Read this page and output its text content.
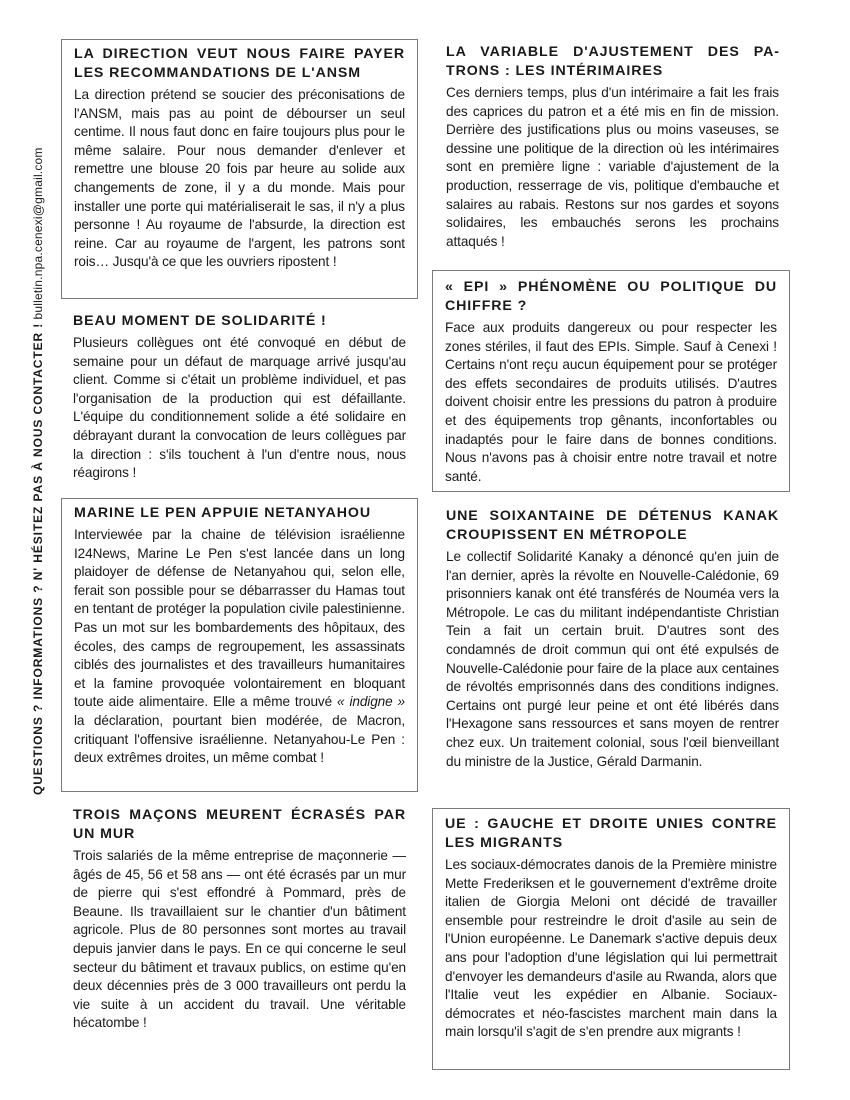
QUESTIONS ? INFORMATIONS ? N' HÉSITEZ PAS À NOUS CONTACTER ! bulletin.npa.cenexi@gmail.com
LA DIRECTION VEUT NOUS FAIRE PAYER LES RECOMMANDATIONS DE L'ANSM

La direction prétend se soucier des préconisations de l'ANSM, mais pas au point de débourser un seul centime. Il nous faut donc en faire toujours plus pour le même salaire. Pour nous demander d'enlever et remettre une blouse 20 fois par heure au solide aux changements de zone, il y a du monde. Mais pour installer une porte qui matérialiserait le sas, il n'y a plus personne ! Au royaume de l'absurde, la direction est reine. Car au royaume de l'argent, les patrons sont rois… Jusqu'à ce que les ouvriers ripostent !

BEAU MOMENT DE SOLIDARITÉ !

Plusieurs collègues ont été convoqué en début de semaine pour un défaut de marquage arrivé jusqu'au client. Comme si c'était un problème individuel, et pas l'organisation de la production qui est défaillante. L'équipe du conditionnement solide a été solidaire en débrayant durant la convocation de leurs collègues par la direction : s'ils touchent à l'un d'entre nous, nous réagirons !

MARINE LE PEN APPUIE NETANYAHOU

Interviewée par la chaine de télévision israélienne I24News, Marine Le Pen s'est lancée dans un long plaidoyer de défense de Netanyahou qui, selon elle, ferait son possible pour se débarrasser du Hamas tout en tentant de protéger la population civile palestinienne. Pas un mot sur les bombardements des hôpitaux, des écoles, des camps de regroupement, les assassinats ciblés des journalistes et des travailleurs humanitaires et la famine provoquée volontairement en bloquant toute aide alimentaire. Elle a même trouvé « indigne » la déclaration, pourtant bien modérée, de Macron, critiquant l'offensive israélienne. Netanyahou-Le Pen : deux extrêmes droites, un même combat !

TROIS MAÇONS MEURENT ÉCRASÉS PAR UN MUR

Trois salariés de la même entreprise de maçonnerie — âgés de 45, 56 et 58 ans — ont été écrasés par un mur de pierre qui s'est effondré à Pommard, près de Beaune. Ils travaillaient sur le chantier d'un bâtiment agricole. Plus de 80 personnes sont mortes au travail depuis janvier dans le pays. En ce qui concerne le seul secteur du bâtiment et travaux publics, on estime qu'en deux décennies près de 3 000 travailleurs ont perdu la vie suite à un accident du travail. Une véritable hécatombe !

LA VARIABLE D'AJUSTEMENT DES PATRONS : LES INTÉRIMAIRES

Ces derniers temps, plus d'un intérimaire a fait les frais des caprices du patron et a été mis en fin de mission. Derrière des justifications plus ou moins vaseuses, se dessine une politique de la direction où les intérimaires sont en première ligne : variable d'ajustement de la production, resserrage de vis, politique d'embauche et salaires au rabais. Restons sur nos gardes et soyons solidaires, les embauchés serons les prochains attaqués !

« EPI » PHÉNOMÈNE OU POLITIQUE DU CHIFFRE ?

Face aux produits dangereux ou pour respecter les zones stériles, il faut des EPIs. Simple. Sauf à Cenexi ! Certains n'ont reçu aucun équipement pour se protéger des effets secondaires de produits utilisés. D'autres doivent choisir entre les pressions du patron à produire et des équipements trop gênants, inconfortables ou inadaptés pour le faire dans de bonnes conditions. Nous n'avons pas à choisir entre notre travail et notre santé.

UNE SOIXANTAINE DE DÉTENUS KANAK CROUPISSENT EN MÉTROPOLE

Le collectif Solidarité Kanaky a dénoncé qu'en juin de l'an dernier, après la révolte en Nouvelle-Calédonie, 69 prisonniers kanak ont été transférés de Nouméa vers la Métropole. Le cas du militant indépendantiste Christian Tein a fait un certain bruit. D'autres sont des condamnés de droit commun qui ont été expulsés de Nouvelle-Calédonie pour faire de la place aux centaines de révoltés emprisonnés dans des conditions indignes. Certains ont purgé leur peine et ont été libérés dans l'Hexagone sans ressources et sans moyen de rentrer chez eux. Un traitement colonial, sous l'œil bienveillant du ministre de la Justice, Gérald Darmanin.

UE : GAUCHE ET DROITE UNIES CONTRE LES MIGRANTS

Les sociaux-démocrates danois de la Première ministre Mette Frederiksen et le gouvernement d'extrême droite italien de Giorgia Meloni ont décidé de travailler ensemble pour restreindre le droit d'asile au sein de l'Union européenne. Le Danemark s'active depuis deux ans pour l'adoption d'une législation qui lui permettrait d'envoyer les demandeurs d'asile au Rwanda, alors que l'Italie veut les expédier en Albanie. Sociaux-démocrates et néo-fascistes marchent main dans la main lorsqu'il s'agit de s'en prendre aux migrants !
